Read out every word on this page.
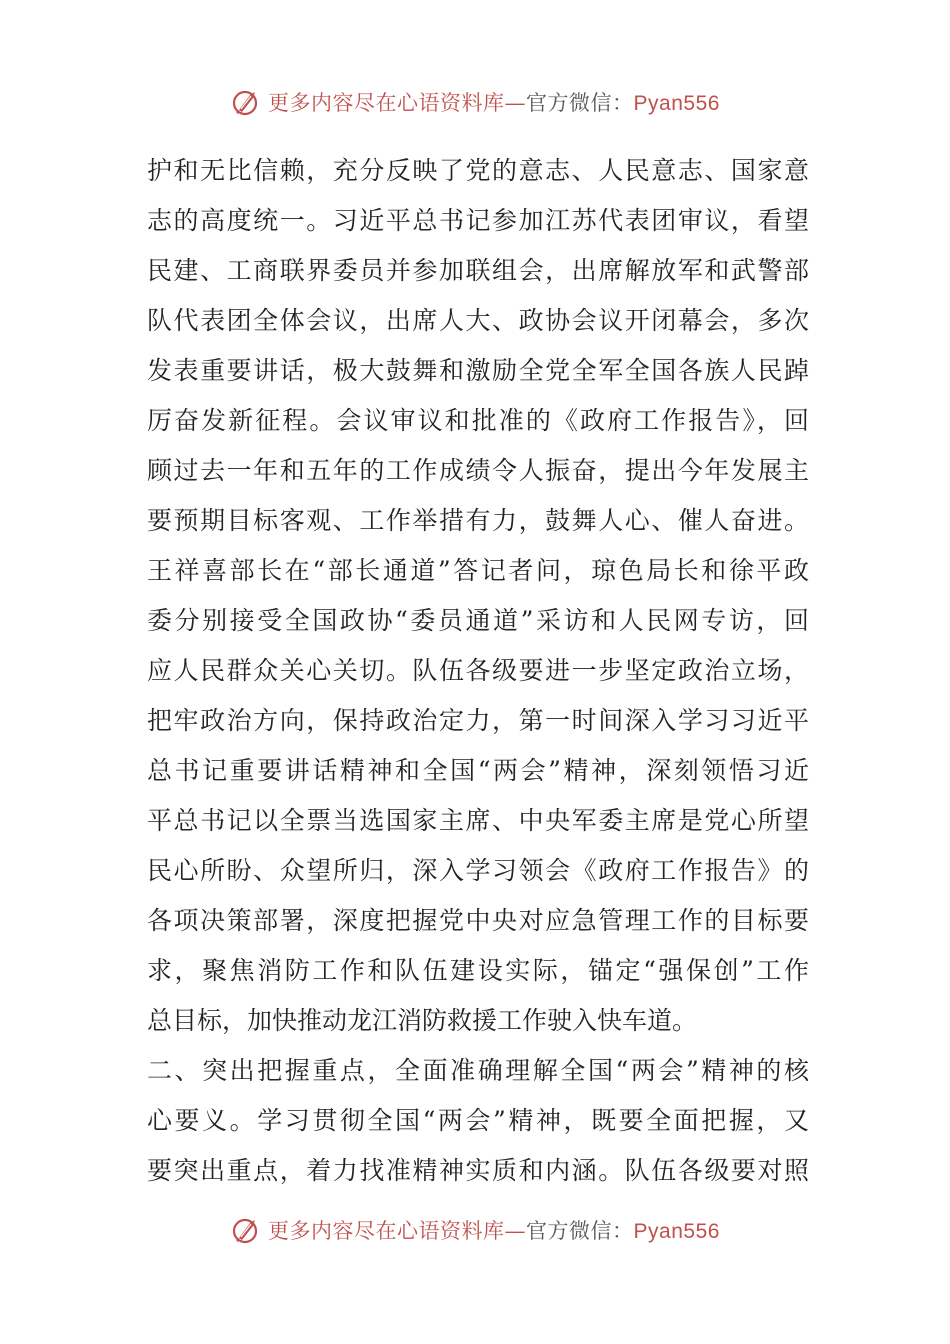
更多内容尽在心语资料库—官方微信：Pyan556
护和无比信赖，充分反映了党的意志、人民意志、国家意
志的高度统一。习近平总书记参加江苏代表团审议，看望
民建、工商联界委员并参加联组会，出席解放军和武警部
队代表团全体会议，出席人大、政协会议开闭幕会，多次
发表重要讲话，极大鼓舞和激励全党全军全国各族人民踔
厉奋发新征程。会议审议和批准的《政府工作报告》，回
顾过去一年和五年的工作成绩令人振奋，提出今年发展主
要预期目标客观、工作举措有力，鼓舞人心、催人奋进。
王祥喜部长在“部长通道”答记者问，琼色局长和徐平政
委分别接受全国政协“委员通道”采访和人民网专访，回
应人民群众关心关切。队伍各级要进一步坚定政治立场，
把牢政治方向，保持政治定力，第一时间深入学习习近平
总书记重要讲话精神和全国“两会”精神，深刻领悟习近
平总书记以全票当选国家主席、中央军委主席是党心所望
民心所盼、众望所归，深入学习领会《政府工作报告》的
各项决策部署，深度把握党中央对应急管理工作的目标要
求，聚焦消防工作和队伍建设实际，锚定“强保创”工作
总目标，加快推动龙江消防救援工作驶入快车道。
二、突出把握重点，全面准确理解全国“两会”精神的核
心要义。学习贯彻全国“两会”精神，既要全面把握，又
要突出重点，着力找准精神实质和内涵。队伍各级要对照
更多内容尽在心语资料库—官方微信：Pyan556
